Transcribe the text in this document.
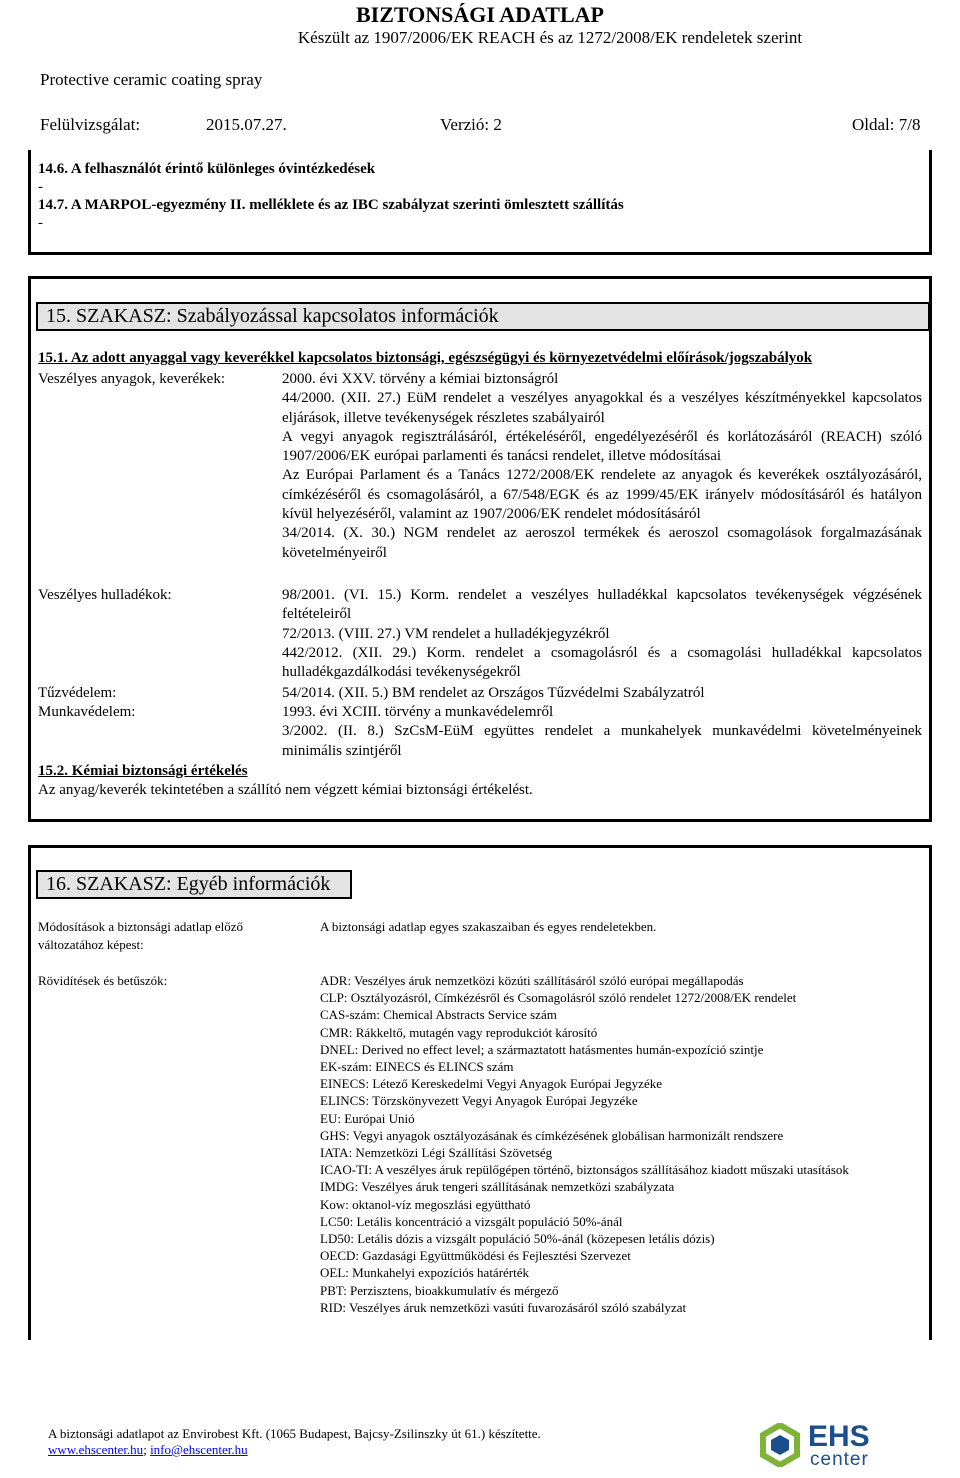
BIZTONSÁGI ADATLAP
Készült az 1907/2006/EK REACH és az 1272/2008/EK rendeletek szerint
Protective ceramic coating spray
Felülvizsgálat:	2015.07.27.	Verzió: 2	Oldal: 7/8
14.6. A felhasználót érintő különleges óvintézkedések
-
14.7. A MARPOL-egyezmény II. melléklete és az IBC szabályzat szerinti ömlesztett szállítás
-
15. SZAKASZ: Szabályozással kapcsolatos információk
15.1. Az adott anyaggal vagy keverékkel kapcsolatos biztonsági, egészségügyi és környezetvédelmi előírások/jogszabályok
Veszélyes anyagok, keverékek:	2000. évi XXV. törvény a kémiai biztonságról
44/2000. (XII. 27.) EüM rendelet a veszélyes anyagokkal és a veszélyes készítményekkel kapcsolatos eljárások, illetve tevékenységek részletes szabályairól
A vegyi anyagok regisztrálásáról, értékeléséről, engedélyezéséről és korlátozásáról (REACH) szóló 1907/2006/EK európai parlamenti és tanácsi rendelet, illetve módosításai
Az Európai Parlament és a Tanács 1272/2008/EK rendelete az anyagok és keverékek osztályozásáról, címkézéséről és csomagolásáról, a 67/548/EGK és az 1999/45/EK irányelv módosításáról és hatályon kívül helyezéséről, valamint az 1907/2006/EK rendelet módosításáról
34/2014. (X. 30.) NGM rendelet az aeroszol termékek és aeroszol csomagolások forgalmazásának követelményeiről
Veszélyes hulladékok:	98/2001. (VI. 15.) Korm. rendelet a veszélyes hulladékkal kapcsolatos tevékenységek végzésének feltételeiről
72/2013. (VIII. 27.) VM rendelet a hulladékjegyzékről
442/2012. (XII. 29.) Korm. rendelet a csomagolásról és a csomagolási hulladékkal kapcsolatos hulladékgazdálkodási tevékenységekről
Tűzvédelem:	54/2014. (XII. 5.) BM rendelet az Országos Tűzvédelmi Szabályzatról
Munkavédelem:	1993. évi XCIII. törvény a munkavédelemről
3/2002. (II. 8.) SzCsM-EüM együttes rendelet a munkahelyek munkavédelmi követelményeinek minimális szintjéről
15.2. Kémiai biztonsági értékelés
Az anyag/keverék tekintetében a szállító nem végzett kémiai biztonsági értékelést.
16. SZAKASZ: Egyéb információk
Módosítások a biztonsági adatlap előző változatához képest:
A biztonsági adatlap egyes szakaszaiban és egyes rendeletekben.
Rövidítések és betűszók:	ADR: Veszélyes áruk nemzetközi közúti szállításáról szóló európai megállapodás
CLP: Osztályozásról, Címkézésről és Csomagolásról szóló rendelet 1272/2008/EK rendelet
CAS-szám: Chemical Abstracts Service szám
CMR: Rákkeltő, mutagén vagy reprodukciót károsító
DNEL: Derived no effect level; a származtatott hatásmentes humán-expozíció szintje
EK-szám: EINECS és ELINCS szám
EINECS: Létező Kereskedelmi Vegyi Anyagok Európai Jegyzéke
ELINCS: Törzskönyvezett Vegyi Anyagok Európai Jegyzéke
EU: Európai Unió
GHS: Vegyi anyagok osztályozásának és címkézésének globálisan harmonizált rendszere
IATA: Nemzetközi Légi Szállítási Szövetség
ICAO-TI: A veszélyes áruk repülőgépen történő, biztonságos szállításához kiadott műszaki utasítások
IMDG: Veszélyes áruk tengeri szállításának nemzetközi szabályzata
Kow: oktanol-víz megoszlási együttható
LC50: Letális koncentráció a vizsgált populáció 50%-ánál
LD50: Letális dózis a vizsgált populáció 50%-ánál (közepesen letális dózis)
OECD: Gazdasági Együttműködési és Fejlesztési Szervezet
OEL: Munkahelyi expozíciós határérték
PBT: Perzisztens, bioakkumulatív és mérgező
RID: Veszélyes áruk nemzetközi vasúti fuvarozásáról szóló szabályzat
A biztonsági adatlapot az Envirobest Kft. (1065 Budapest, Bajcsy-Zsilinszky út 61.) készítette.
www.ehscenter.hu; info@ehscenter.hu	EHS
center
